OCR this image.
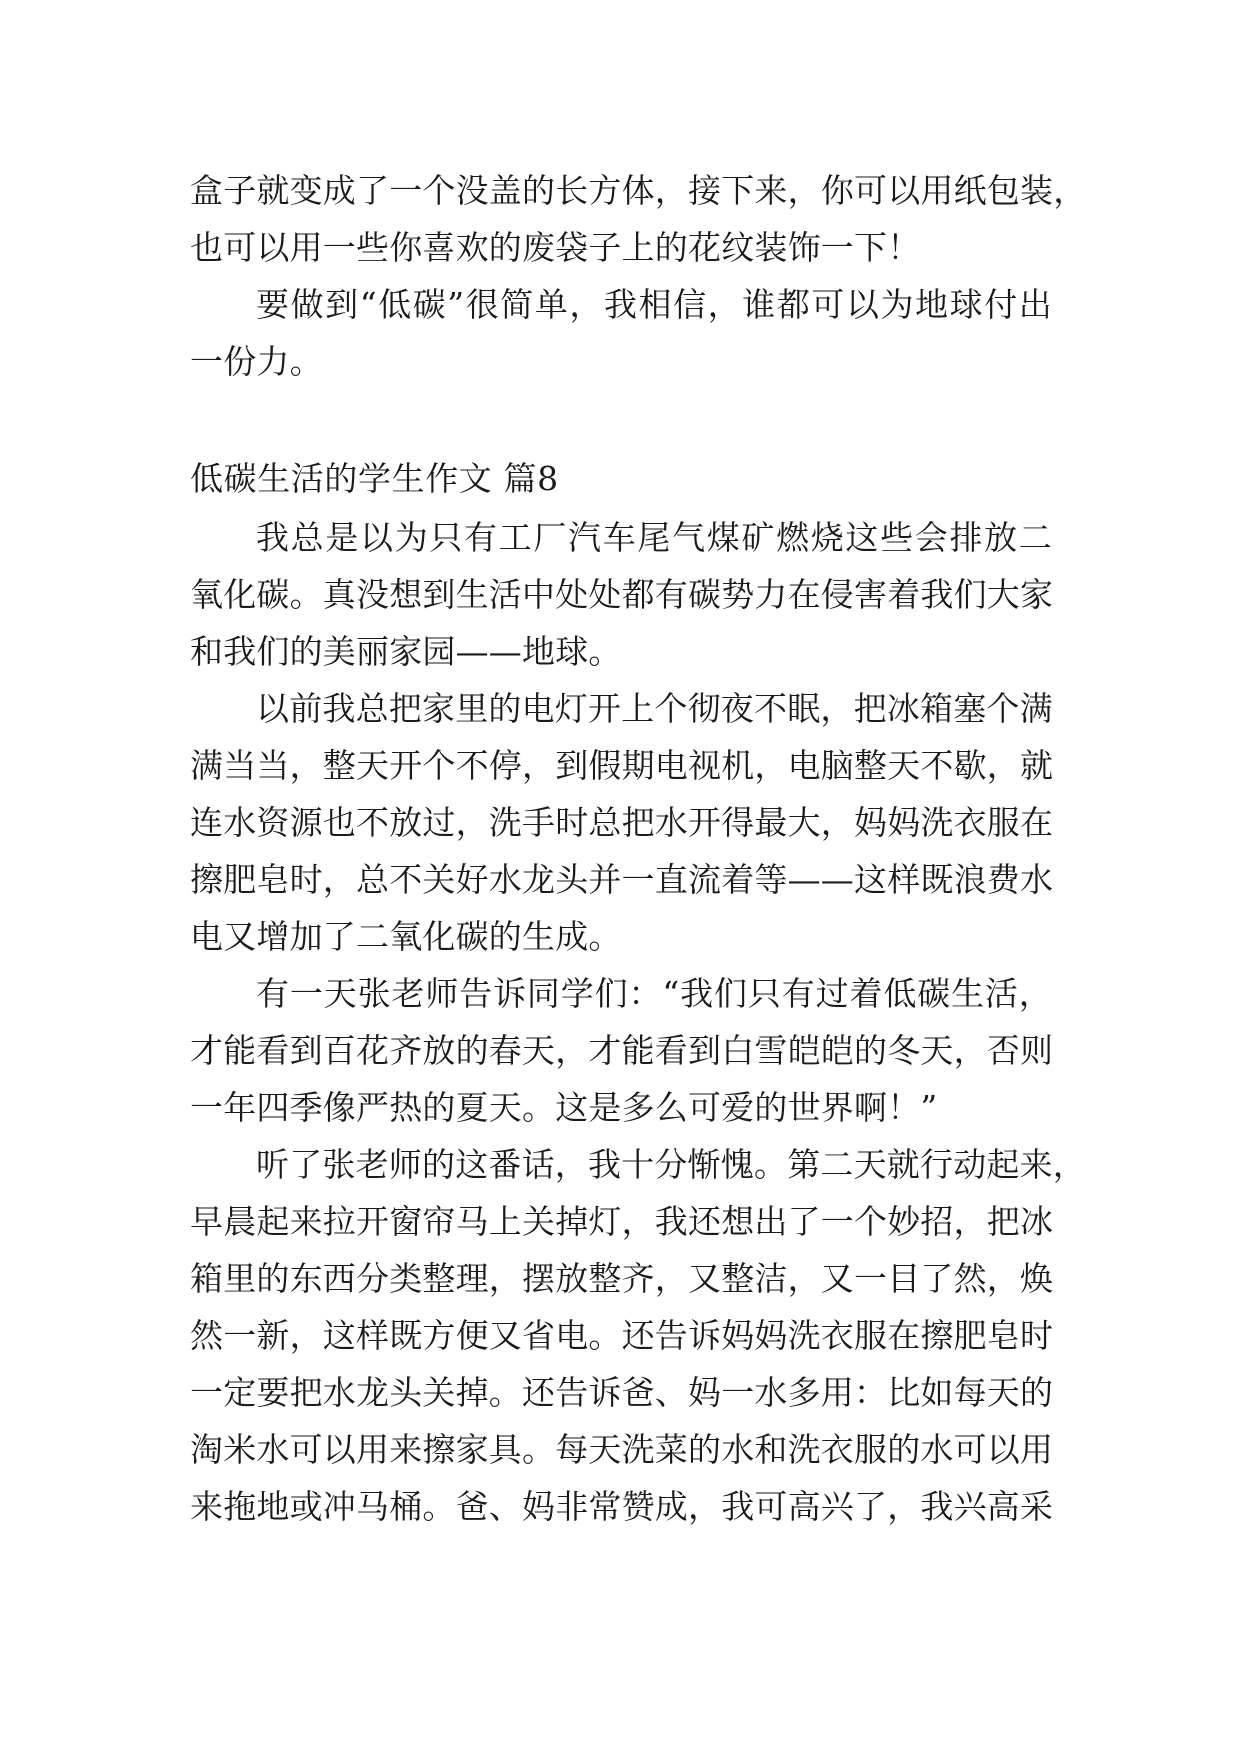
盒子就变成了一个没盖的长方体，接下来，你可以用纸包装，
也可以用一些你喜欢的废袋子上的花纹装饰一下！
要做到“低碳”很简单，我相信，谁都可以为地球付出
一份力。
低碳生活的学生作文 篇8
我总是以为只有工厂汽车尾气煤矿燃烧这些会排放二
氧化碳。真没想到生活中处处都有碳势力在侵害着我们大家
和我们的美丽家园——地球。
以前我总把家里的电灯开上个彻夜不眠，把冰箱塞个满
满当当，整天开个不停，到假期电视机，电脑整天不歇，就
连水资源也不放过，洗手时总把水开得最大，妈妈洗衣服在
擦肥皂时，总不关好水龙头并一直流着等——这样既浪费水
电又增加了二氧化碳的生成。
有一天张老师告诉同学们：“我们只有过着低碳生活，
才能看到百花齐放的春天，才能看到白雪皑皑的冬天，否则
一年四季像严热的夏天。这是多么可爱的世界啊！”
听了张老师的这番话，我十分惭愧。第二天就行动起来，
早晨起来拉开窗帘马上关掉灯，我还想出了一个妙招，把冰
箱里的东西分类整理，摆放整齐，又整洁，又一目了然，焕
然一新，这样既方便又省电。还告诉妈妈洗衣服在擦肥皂时
一定要把水龙头关掉。还告诉爸、妈一水多用：比如每天的
淘米水可以用来擦家具。每天洗菜的水和洗衣服的水可以用
来拖地或冲马桶。爸、妈非常赞成，我可高兴了，我兴高采
